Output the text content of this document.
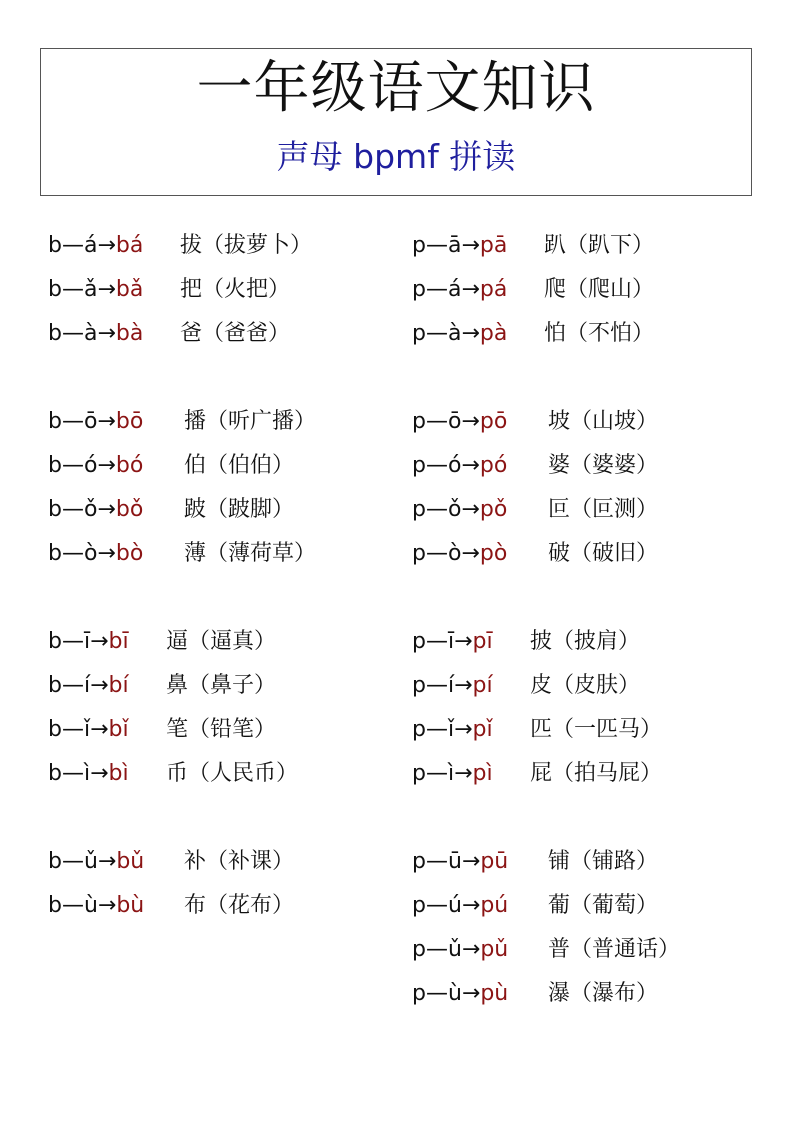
一年级语文知识
声母 bpmf 拼读
b—á→bá 拔（拔萝卜）
b—ǎ→bǎ 把（火把）
b—à→bà 爸（爸爸）
b—ō→bō 播（听广播）
b—ó→bó 伯（伯伯）
b—ǒ→bǒ 跛（跛脚）
b—ò→bò 薄（薄荷草）
b—ī→bī 逼（逼真）
b—í→bí 鼻（鼻子）
b—ǐ→bǐ 笔（铅笔）
b—ì→bì 币（人民币）
b—ǔ→bǔ 补（补课）
b—ù→bù 布（花布）
p—ā→pā 趴（趴下）
p—á→pá 爬（爬山）
p—à→pà 怕（不怕）
p—ō→pō 坡（山坡）
p—ó→pó 婆（婆婆）
p—ǒ→pǒ 叵（叵测）
p—ò→pò 破（破旧）
p—ī→pī 披（披肩）
p—í→pí 皮（皮肤）
p—ǐ→pǐ 匹（一匹马）
p—ì→pì 屁（拍马屁）
p—ū→pū 铺（铺路）
p—ú→pú 葡（葡萄）
p—ǔ→pǔ 普（普通话）
p—ù→pù 瀑（瀑布）
